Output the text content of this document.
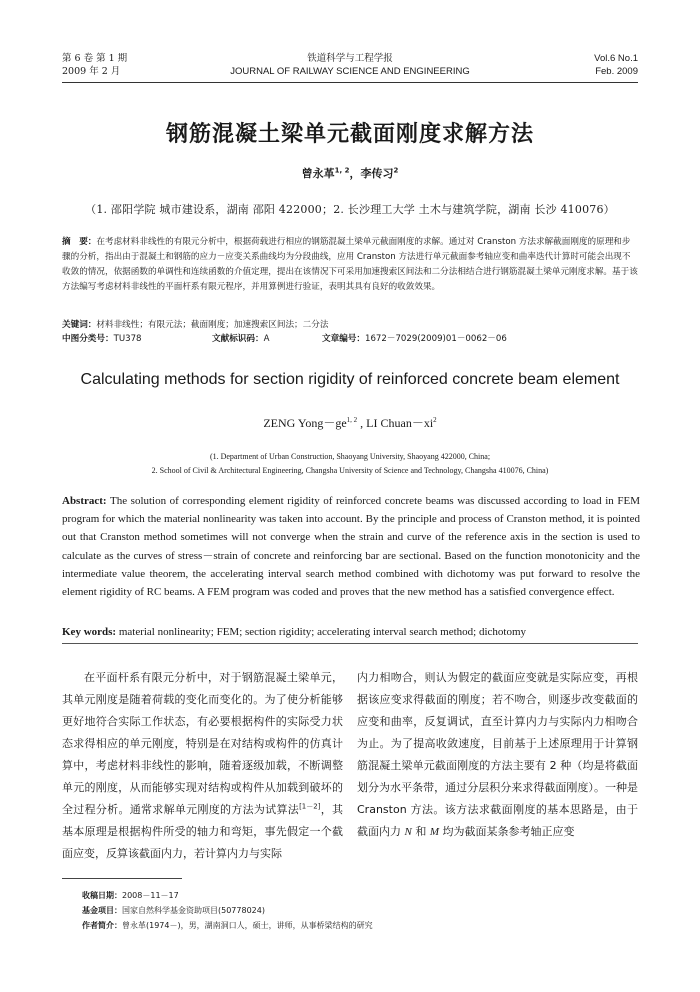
第 6 卷 第 1 期
2009 年 2 月
铁道科学与工程学报
JOURNAL OF RAILWAY SCIENCE AND ENGINEERING
Vol.6 No.1
Feb. 2009
钢筋混凝土梁单元截面刚度求解方法
曾永革$^{1, 2}$，李传习$^2$
（1. 邵阳学院 城市建设系，湖南 邵阳 422000；2. 长沙理工大学 土木与建筑学院，湖南 长沙 410076）
摘　要：在考虑材料非线性的有限元分析中，根据荷载进行相应的钢筋混凝土梁单元截面刚度的求解。通过对 Cranston 方法求解截面刚度的原理和步骤的分析，指出由于混凝土和钢筋的应力－应变关系曲线均为分段曲线，应用 Cranston 方法进行单元截面参考轴应变和曲率迭代计算时可能会出现不收敛的情况，依据函数的单调性和连续函数的介值定理，提出在该情况下可采用加速搜索区间法和二分法相结合进行钢筋混凝土梁单元刚度求解。基于该方法编写考虑材料非线性的平面杆系有限元程序，并用算例进行验证，表明其具有良好的收敛效果。
关键词：材料非线性；有限元法；截面刚度；加速搜索区间法；二分法
中图分类号：TU378	文献标识码：A	文章编号：1672－7029(2009)01－0062－06
Calculating methods for section rigidity of reinforced concrete beam element
ZENG Yong－ge$^{1, 2}$ , LI $Chuan-xi^2$
(1. Department of Urban Construction, Shaoyang University, Shaoyang 422000, China;
2. School of Civil & Architectural Engineering, Changsha University of Science and Technology, Changsha 410076, China)
Abstract: The solution of corresponding element rigidity of reinforced concrete beams was discussed according to load in FEM program for which the material nonlinearity was taken into account. By the principle and process of Cranston method, it is pointed out that Cranston method sometimes will not converge when the strain and curve of the reference axis in the section is used to calculate as the curves of stress－strain of concrete and reinforcing bar are sectional. Based on the function monotonicity and the intermediate value theorem, the accelerating interval search method combined with dichotomy was put forward to resolve the element rigidity of RC beams. A FEM program was coded and proves that the new method has a satisfied convergence effect.
Key words: material nonlinearity; FEM; section rigidity; accelerating interval search method; dichotomy

在平面杆系有限元分析中，对于钢筋混凝土梁单元，其单元刚度是随着荷载的变化而变化的。为了使分析能够更好地符合实际工作状态，有必要根据构件的实际受力状态求得相应的单元刚度，特别是在对结构或构件的仿真计算中，考虑材料非线性的影响，随着逐级加载，不断调整单元的刚度，从而能够实现对结构或构件从加载到破坏的全过程分析。通常求解单元刚度的方法为试算法[1－2]，其基本原理是根据构件所受的轴力和弯矩，事先假定一个截面应变，反算该截面内力，若计算内力与实际

内力相吻合，则认为假定的截面应变就是实际应变，再根据该应变求得截面的刚度；若不吻合，则逐步改变截面的应变和曲率，反复调试，直至计算内力与实际内力相吻合为止。为了提高收敛速度，目前基于上述原理用于计算钢筋混凝土梁单元截面刚度的方法主要有 2 种（均是将截面划分为水平条带，通过分层积分来求得截面刚度）。一种是 Cranston 方法。该方法求截面刚度的基本思路是，由于截面内力 N 和 M 均为截面某条参考轴正应变

收稿日期：2008－11－17
基金项目：国家自然科学基金资助项目(50778024)
作者简介：曾永革(1974－)，男，湖南洞口人，硕士，讲师，从事桥梁结构的研究
